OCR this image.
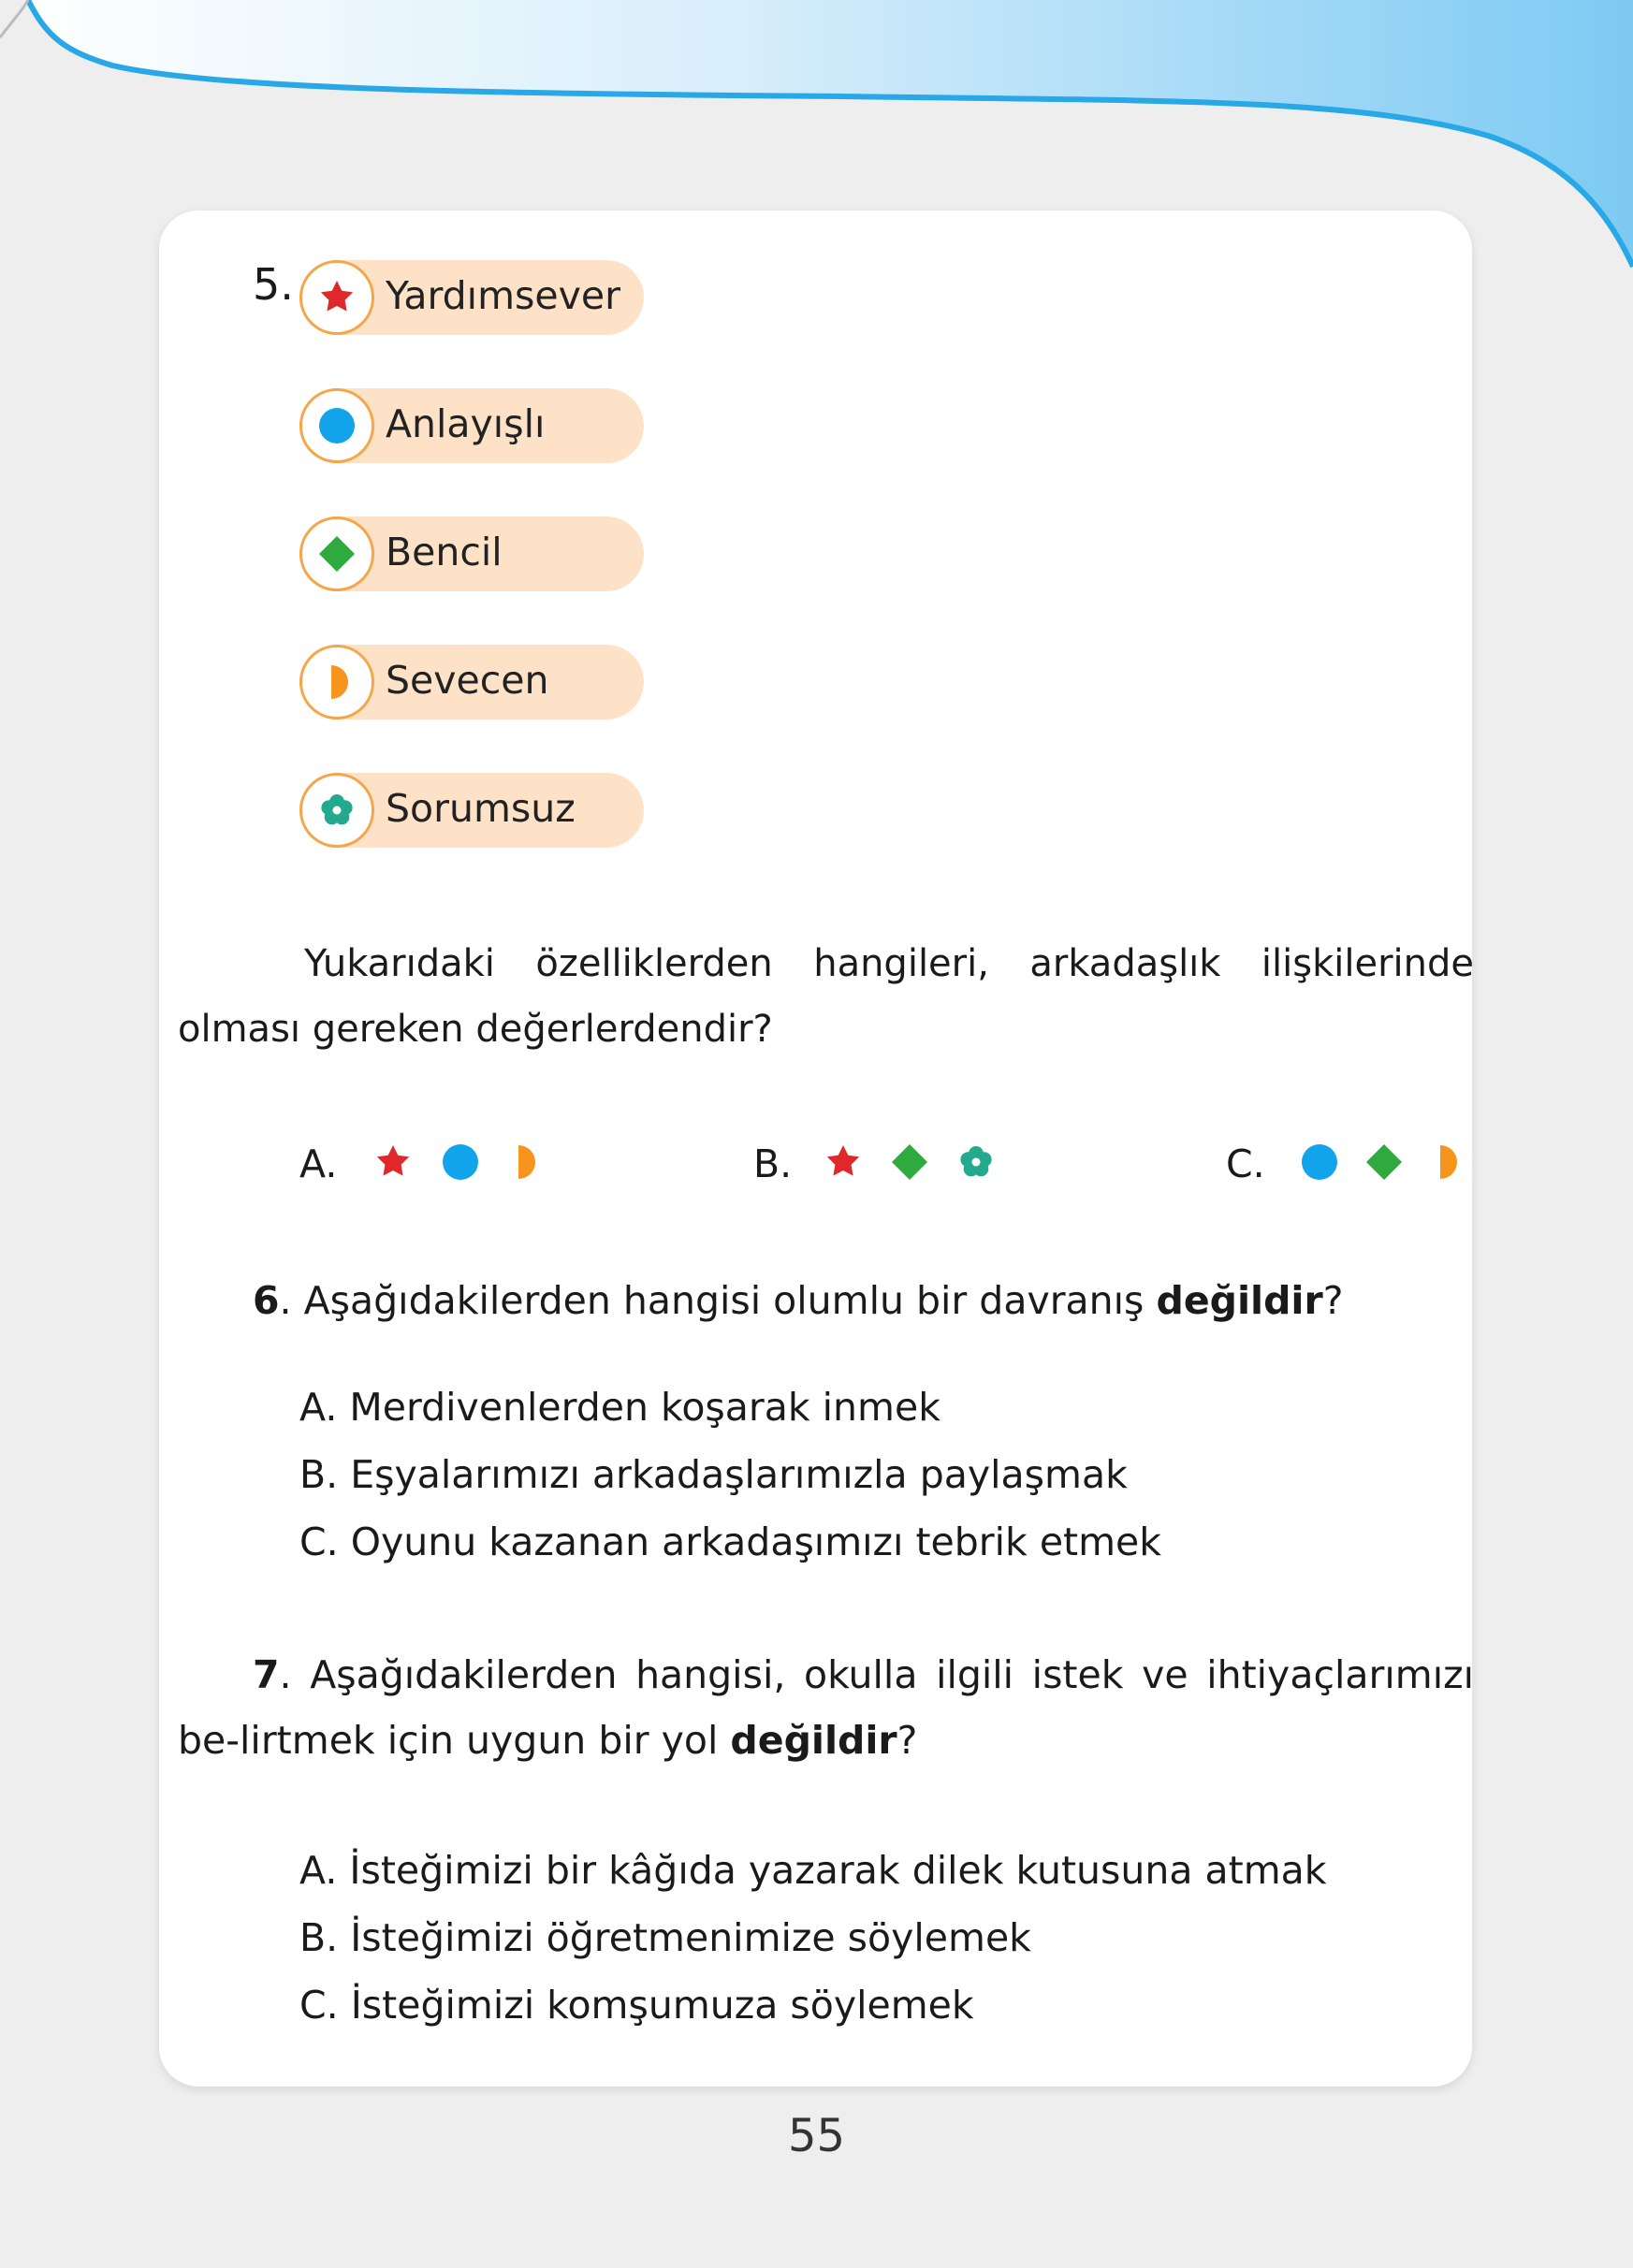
5. Yardımsever
Anlayışlı
Bencil
Sevecen
Sorumsuz
Yukarıdaki özelliklerden hangileri, arkadaşlık ilişkilerinde olması gereken değerlerdendir?
A.	B.	C.
6. Aşağıdakilerden hangisi olumlu bir davranış değildir?
A. Merdivenlerden koşarak inmek
B. Eşyalarımızı arkadaşlarımızla paylaşmak
C. Oyunu kazanan arkadaşımızı tebrik etmek
7. Aşağıdakilerden hangisi, okulla ilgili istek ve ihtiyaçlarımızı be-lirtmek için uygun bir yol değildir?
A. İsteğimizi bir kâğıda yazarak dilek kutusuna atmak
B. İsteğimizi öğretmenimize söylemek
C. İsteğimizi komşumuza söylemek
55
